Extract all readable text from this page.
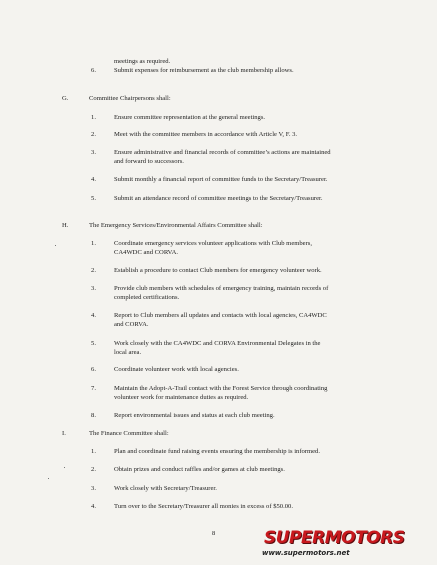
meetings as required.
6.	Submit expenses for reimbursement as the club membership allows.
G.	Committee Chairpersons shall:
1.	Ensure committee representation at the general meetings.
2.	Meet with the committee members in accordance with Article V, F. 3.
3.	Ensure administrative and financial records of committee’s actions are maintained
and forward to successors.
4.	Submit monthly a financial report of committee funds to the Secretary/Treasurer.
5.	Submit an attendance record of committee meetings to the Secretary/Treasurer.
H.	The Emergency Services/Environmental Affairs Committee shall:
1.	Coordinate emergency services volunteer applications with Club members,
CA4WDC and CORVA.
2.	Establish a procedure to contact Club members for emergency volunteer work.
3.	Provide club members with schedules of emergency training, maintain records of
completed certifications.
4.	Report to Club members all updates and contacts with local agencies, CA4WDC
and CORVA.
5.	Work closely with the CA4WDC and CORVA Environmental Delegates in the
local area.
6.	Coordinate volunteer work with local agencies.
7.	Maintain the Adopt-A-Trail contact with the Forest Service through coordinating
volunteer work for maintenance duties as required.
8.	Report environmental issues and status at each club meeting.
I.	The Finance Committee shall:
1.	Plan and coordinate fund raising events ensuring the membership is informed.
2.	Obtain prizes and conduct raffles and/or games at club meetings.
3.	Work closely with Secretary/Treasurer.
4.	Turn over to the Secretary/Treasurer all monies in excess of $50.00.
8	SUPERMOTORS
www.supermotors.net
